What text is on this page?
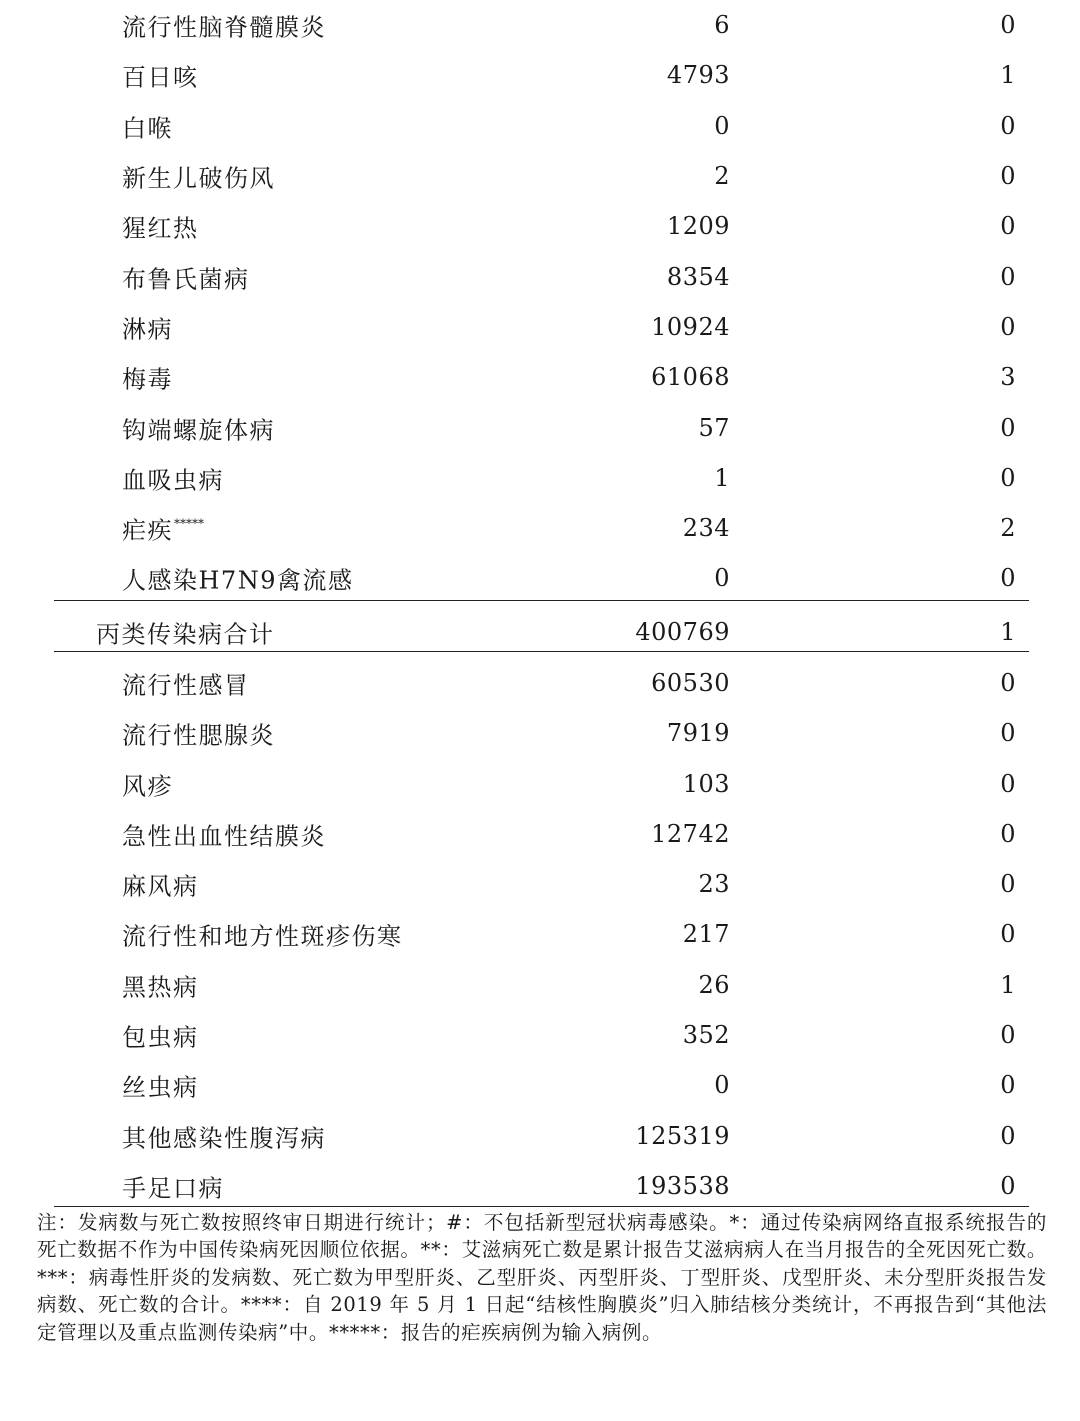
流行性脑脊髓膜炎	6	0
百日咳	4793	1
白喉	0	0
新生儿破伤风	2	0
猩红热	1209	0
布鲁氏菌病	8354	0
淋病	10924	0
梅毒	61068	3
钩端螺旋体病	57	0
血吸虫病	1	0
疟疾*****	234	2
人感染H7N9禽流感	0	0
丙类传染病合计	400769	1
流行性感冒	60530	0
流行性腮腺炎	7919	0
风疹	103	0
急性出血性结膜炎	12742	0
麻风病	23	0
流行性和地方性斑疹伤寒	217	0
黑热病	26	1
包虫病	352	0
丝虫病	0	0
其他感染性腹泻病	125319	0
手足口病	193538	0
注：发病数与死亡数按照终审日期进行统计；#：不包括新型冠状病毒感染。*：通过传染病网络直报系统报告的死亡数据不作为中国传染病死因顺位依据。**：艾滋病死亡数是累计报告艾滋病病人在当月报告的全死因死亡数。***：病毒性肝炎的发病数、死亡数为甲型肝炎、乙型肝炎、丙型肝炎、丁型肝炎、戊型肝炎、未分型肝炎报告发病数、死亡数的合计。****：自 2019 年 5 月 1 日起“结核性胸膜炎”归入肺结核分类统计，不再报告到“其他法定管理以及重点监测传染病”中。*****：报告的疟疾病例为输入病例。
